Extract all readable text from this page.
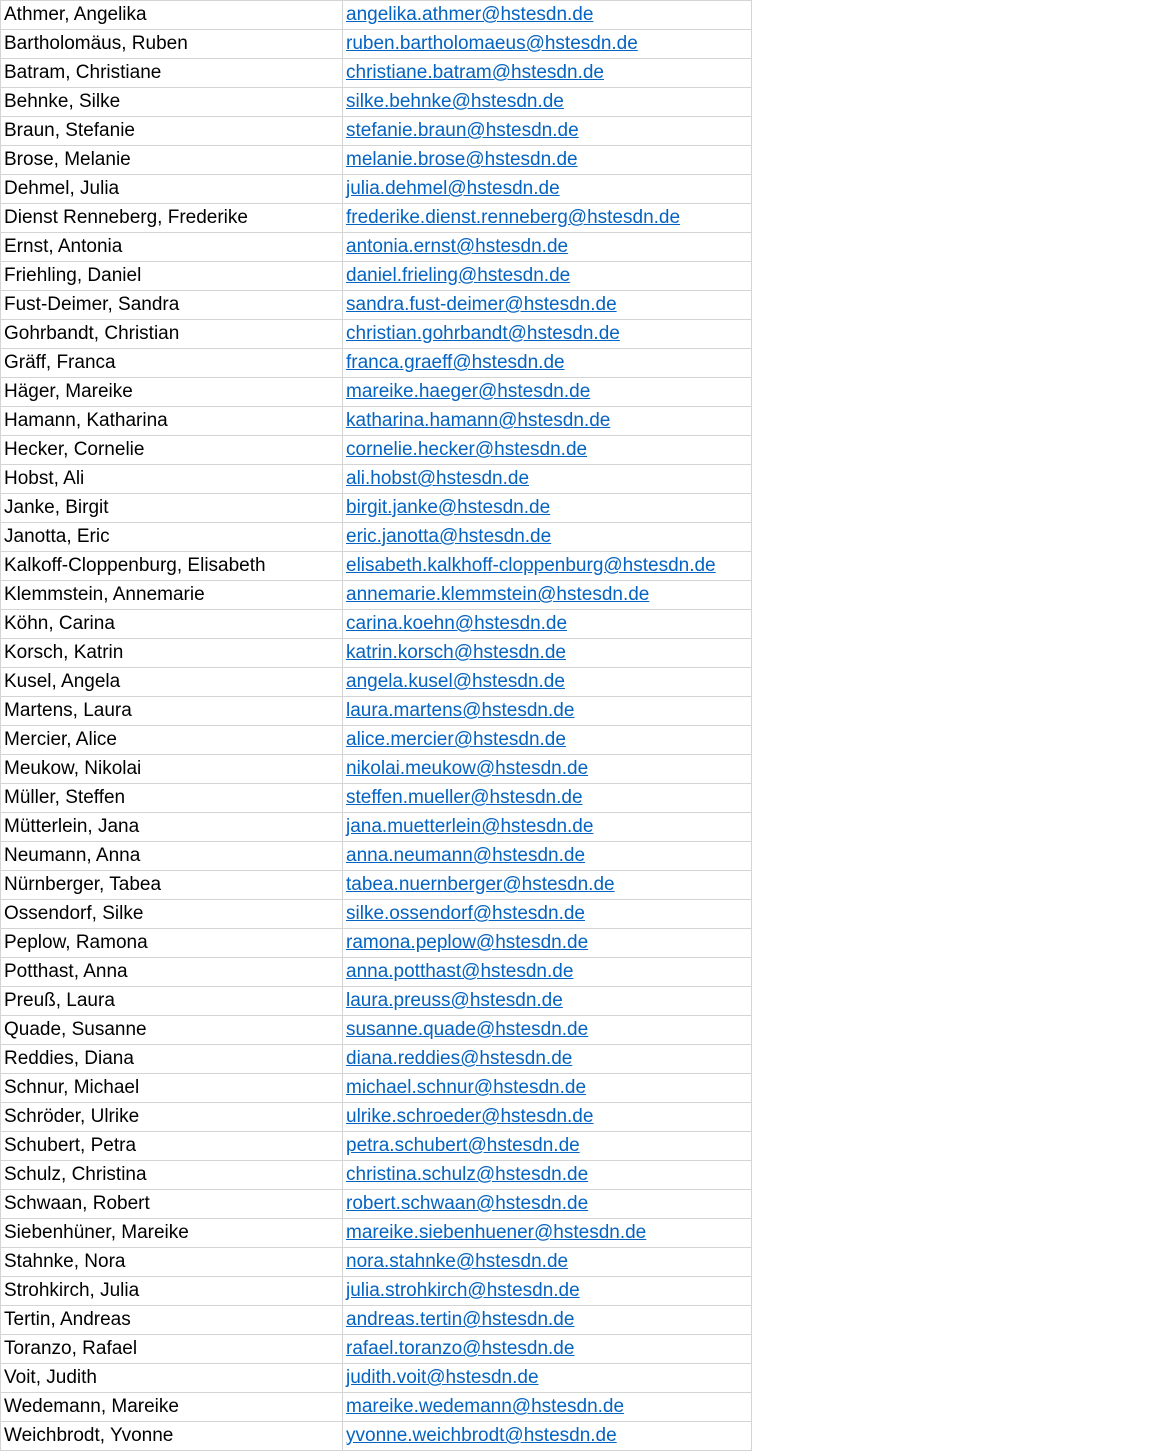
Athmer, Angelika	angelika.athmer@hstesdn.de
Bartholomäus, Ruben	ruben.bartholomaeus@hstesdn.de
Batram, Christiane	christiane.batram@hstesdn.de
Behnke, Silke	silke.behnke@hstesdn.de
Braun, Stefanie	stefanie.braun@hstesdn.de
Brose, Melanie	melanie.brose@hstesdn.de
Dehmel, Julia	julia.dehmel@hstesdn.de
Dienst Renneberg, Frederike	frederike.dienst.renneberg@hstesdn.de
Ernst, Antonia	antonia.ernst@hstesdn.de
Friehling, Daniel	daniel.frieling@hstesdn.de
Fust-Deimer, Sandra	sandra.fust-deimer@hstesdn.de
Gohrbandt, Christian	christian.gohrbandt@hstesdn.de
Gräff, Franca	franca.graeff@hstesdn.de
Häger, Mareike	mareike.haeger@hstesdn.de
Hamann, Katharina	katharina.hamann@hstesdn.de
Hecker, Cornelie	cornelie.hecker@hstesdn.de
Hobst, Ali	ali.hobst@hstesdn.de
Janke, Birgit	birgit.janke@hstesdn.de
Janotta, Eric	eric.janotta@hstesdn.de
Kalkoff-Cloppenburg, Elisabeth	elisabeth.kalkhoff-cloppenburg@hstesdn.de
Klemmstein, Annemarie	annemarie.klemmstein@hstesdn.de
Köhn, Carina	carina.koehn@hstesdn.de
Korsch, Katrin	katrin.korsch@hstesdn.de
Kusel, Angela	angela.kusel@hstesdn.de
Martens, Laura	laura.martens@hstesdn.de
Mercier, Alice	alice.mercier@hstesdn.de
Meukow, Nikolai	nikolai.meukow@hstesdn.de
Müller, Steffen	steffen.mueller@hstesdn.de
Mütterlein, Jana	jana.muetterlein@hstesdn.de
Neumann, Anna	anna.neumann@hstesdn.de
Nürnberger, Tabea	tabea.nuernberger@hstesdn.de
Ossendorf, Silke	silke.ossendorf@hstesdn.de
Peplow, Ramona	ramona.peplow@hstesdn.de
Potthast, Anna	anna.potthast@hstesdn.de
Preuß, Laura	laura.preuss@hstesdn.de
Quade, Susanne	susanne.quade@hstesdn.de
Reddies, Diana	diana.reddies@hstesdn.de
Schnur, Michael	michael.schnur@hstesdn.de
Schröder, Ulrike	ulrike.schroeder@hstesdn.de
Schubert, Petra	petra.schubert@hstesdn.de
Schulz, Christina	christina.schulz@hstesdn.de
Schwaan, Robert	robert.schwaan@hstesdn.de
Siebenhüner, Mareike	mareike.siebenhuener@hstesdn.de
Stahnke, Nora	nora.stahnke@hstesdn.de
Strohkirch, Julia	julia.strohkirch@hstesdn.de
Tertin, Andreas	andreas.tertin@hstesdn.de
Toranzo, Rafael	rafael.toranzo@hstesdn.de
Voit, Judith	judith.voit@hstesdn.de
Wedemann, Mareike	mareike.wedemann@hstesdn.de
Weichbrodt, Yvonne	yvonne.weichbrodt@hstesdn.de
